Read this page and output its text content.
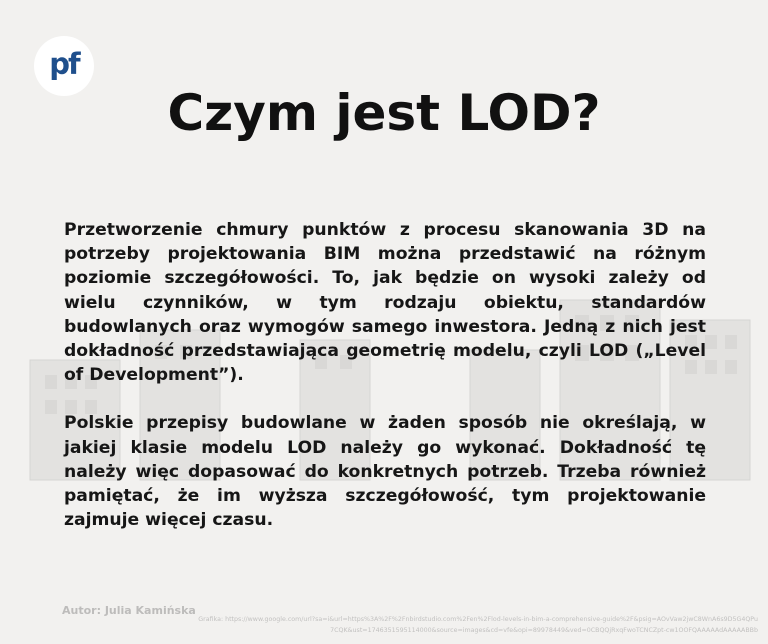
pf
Czym jest LOD?

Przetworzenie chmury punktów z procesu skanowania 3D na potrzeby projektowania BIM można przedstawić na różnym poziomie szczegółowości. To, jak będzie on wysoki zależy od wielu czynników, w tym rodzaju obiektu, standardów budowlanych oraz wymogów samego inwestora. Jedną z nich jest dokładność przedstawiająca geometrię modelu, czyli LOD („Level of Development”).

Polskie przepisy budowlane w żaden sposób nie określają, w jakiej klasie modelu LOD należy go wykonać. Dokładność tę należy więc dopasować do konkretnych potrzeb. Trzeba również pamiętać, że im wyższa szczegółowość, tym projektowanie zajmuje więcej czasu.

Autor: Julia Kamińska
Grafika: https://www.google.com/url?sa=i&url=https%3A%2F%2Fnbirdstudio.com%2Fen%2Flod-levels-in-bim-a-comprehensive-guide%2F&psig=AOvVaw2jwC8WnA6s9D5G4QPu7CQK&ust=1746351595114000&source=images&cd=vfe&opi=89978449&ved=0CBQQjRxqFwoTCNCZpt-cw1OOFQAAAAAdAAAAABBb
